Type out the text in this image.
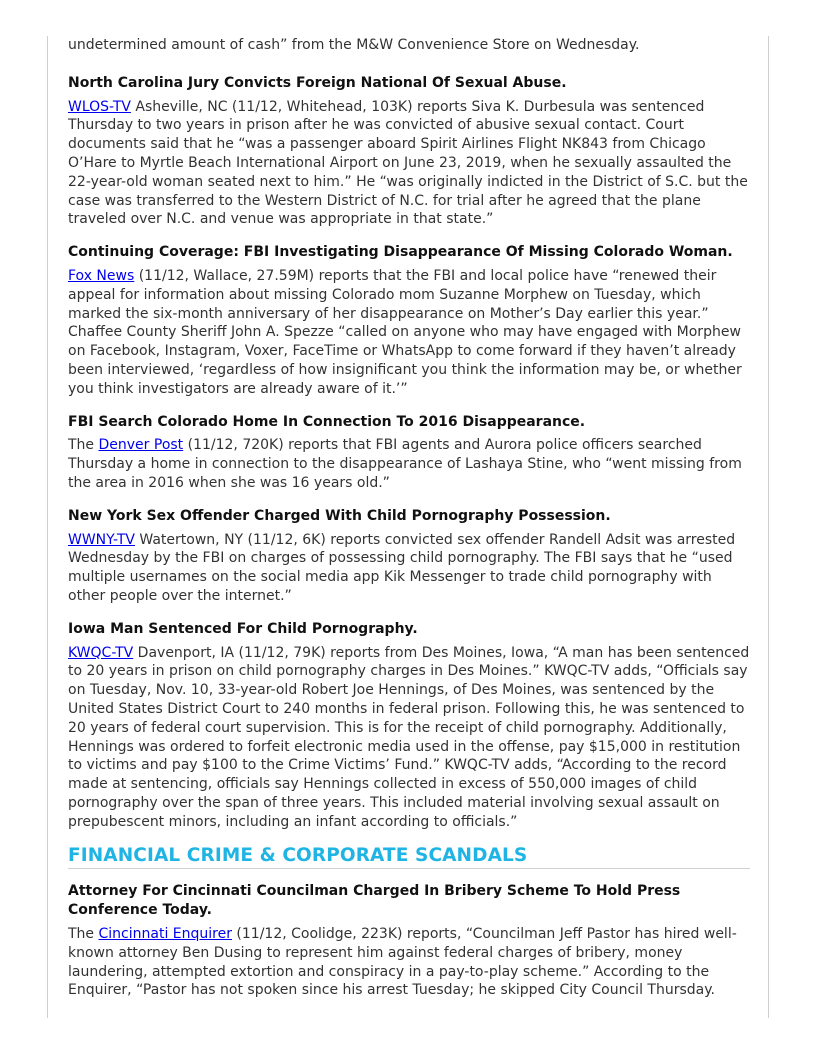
undetermined amount of cash” from the M&W Convenience Store on Wednesday.

North Carolina Jury Convicts Foreign National Of Sexual Abuse.

WLOS-TV Asheville, NC (11/12, Whitehead, 103K) reports Siva K. Durbesula was sentenced Thursday to two years in prison after he was convicted of abusive sexual contact. Court documents said that he “was a passenger aboard Spirit Airlines Flight NK843 from Chicago O’Hare to Myrtle Beach International Airport on June 23, 2019, when he sexually assaulted the 22-year-old woman seated next to him.” He “was originally indicted in the District of S.C. but the case was transferred to the Western District of N.C. for trial after he agreed that the plane traveled over N.C. and venue was appropriate in that state.”

Continuing Coverage: FBI Investigating Disappearance Of Missing Colorado Woman.

Fox News (11/12, Wallace, 27.59M) reports that the FBI and local police have “renewed their appeal for information about missing Colorado mom Suzanne Morphew on Tuesday, which marked the six-month anniversary of her disappearance on Mother’s Day earlier this year.” Chaffee County Sheriff John A. Spezze “called on anyone who may have engaged with Morphew on Facebook, Instagram, Voxer, FaceTime or WhatsApp to come forward if they haven’t already been interviewed, ‘regardless of how insignificant you think the information may be, or whether you think investigators are already aware of it.’”

FBI Search Colorado Home In Connection To 2016 Disappearance.

The Denver Post (11/12, 720K) reports that FBI agents and Aurora police officers searched Thursday a home in connection to the disappearance of Lashaya Stine, who “went missing from the area in 2016 when she was 16 years old.”

New York Sex Offender Charged With Child Pornography Possession.

WWNY-TV Watertown, NY (11/12, 6K) reports convicted sex offender Randell Adsit was arrested Wednesday by the FBI on charges of possessing child pornography. The FBI says that he “used multiple usernames on the social media app Kik Messenger to trade child pornography with other people over the internet.”

Iowa Man Sentenced For Child Pornography.

KWQC-TV Davenport, IA (11/12, 79K) reports from Des Moines, Iowa, “A man has been sentenced to 20 years in prison on child pornography charges in Des Moines.” KWQC-TV adds, “Officials say on Tuesday, Nov. 10, 33-year-old Robert Joe Hennings, of Des Moines, was sentenced by the United States District Court to 240 months in federal prison. Following this, he was sentenced to 20 years of federal court supervision. This is for the receipt of child pornography. Additionally, Hennings was ordered to forfeit electronic media used in the offense, pay $15,000 in restitution to victims and pay $100 to the Crime Victims’ Fund.” KWQC-TV adds, “According to the record made at sentencing, officials say Hennings collected in excess of 550,000 images of child pornography over the span of three years. This included material involving sexual assault on prepubescent minors, including an infant according to officials.”

FINANCIAL CRIME & CORPORATE SCANDALS
Attorney For Cincinnati Councilman Charged In Bribery Scheme To Hold Press Conference Today.

The Cincinnati Enquirer (11/12, Coolidge, 223K) reports, “Councilman Jeff Pastor has hired well-known attorney Ben Dusing to represent him against federal charges of bribery, money laundering, attempted extortion and conspiracy in a pay-to-play scheme.” According to the Enquirer, “Pastor has not spoken since his arrest Tuesday; he skipped City Council Thursday.
